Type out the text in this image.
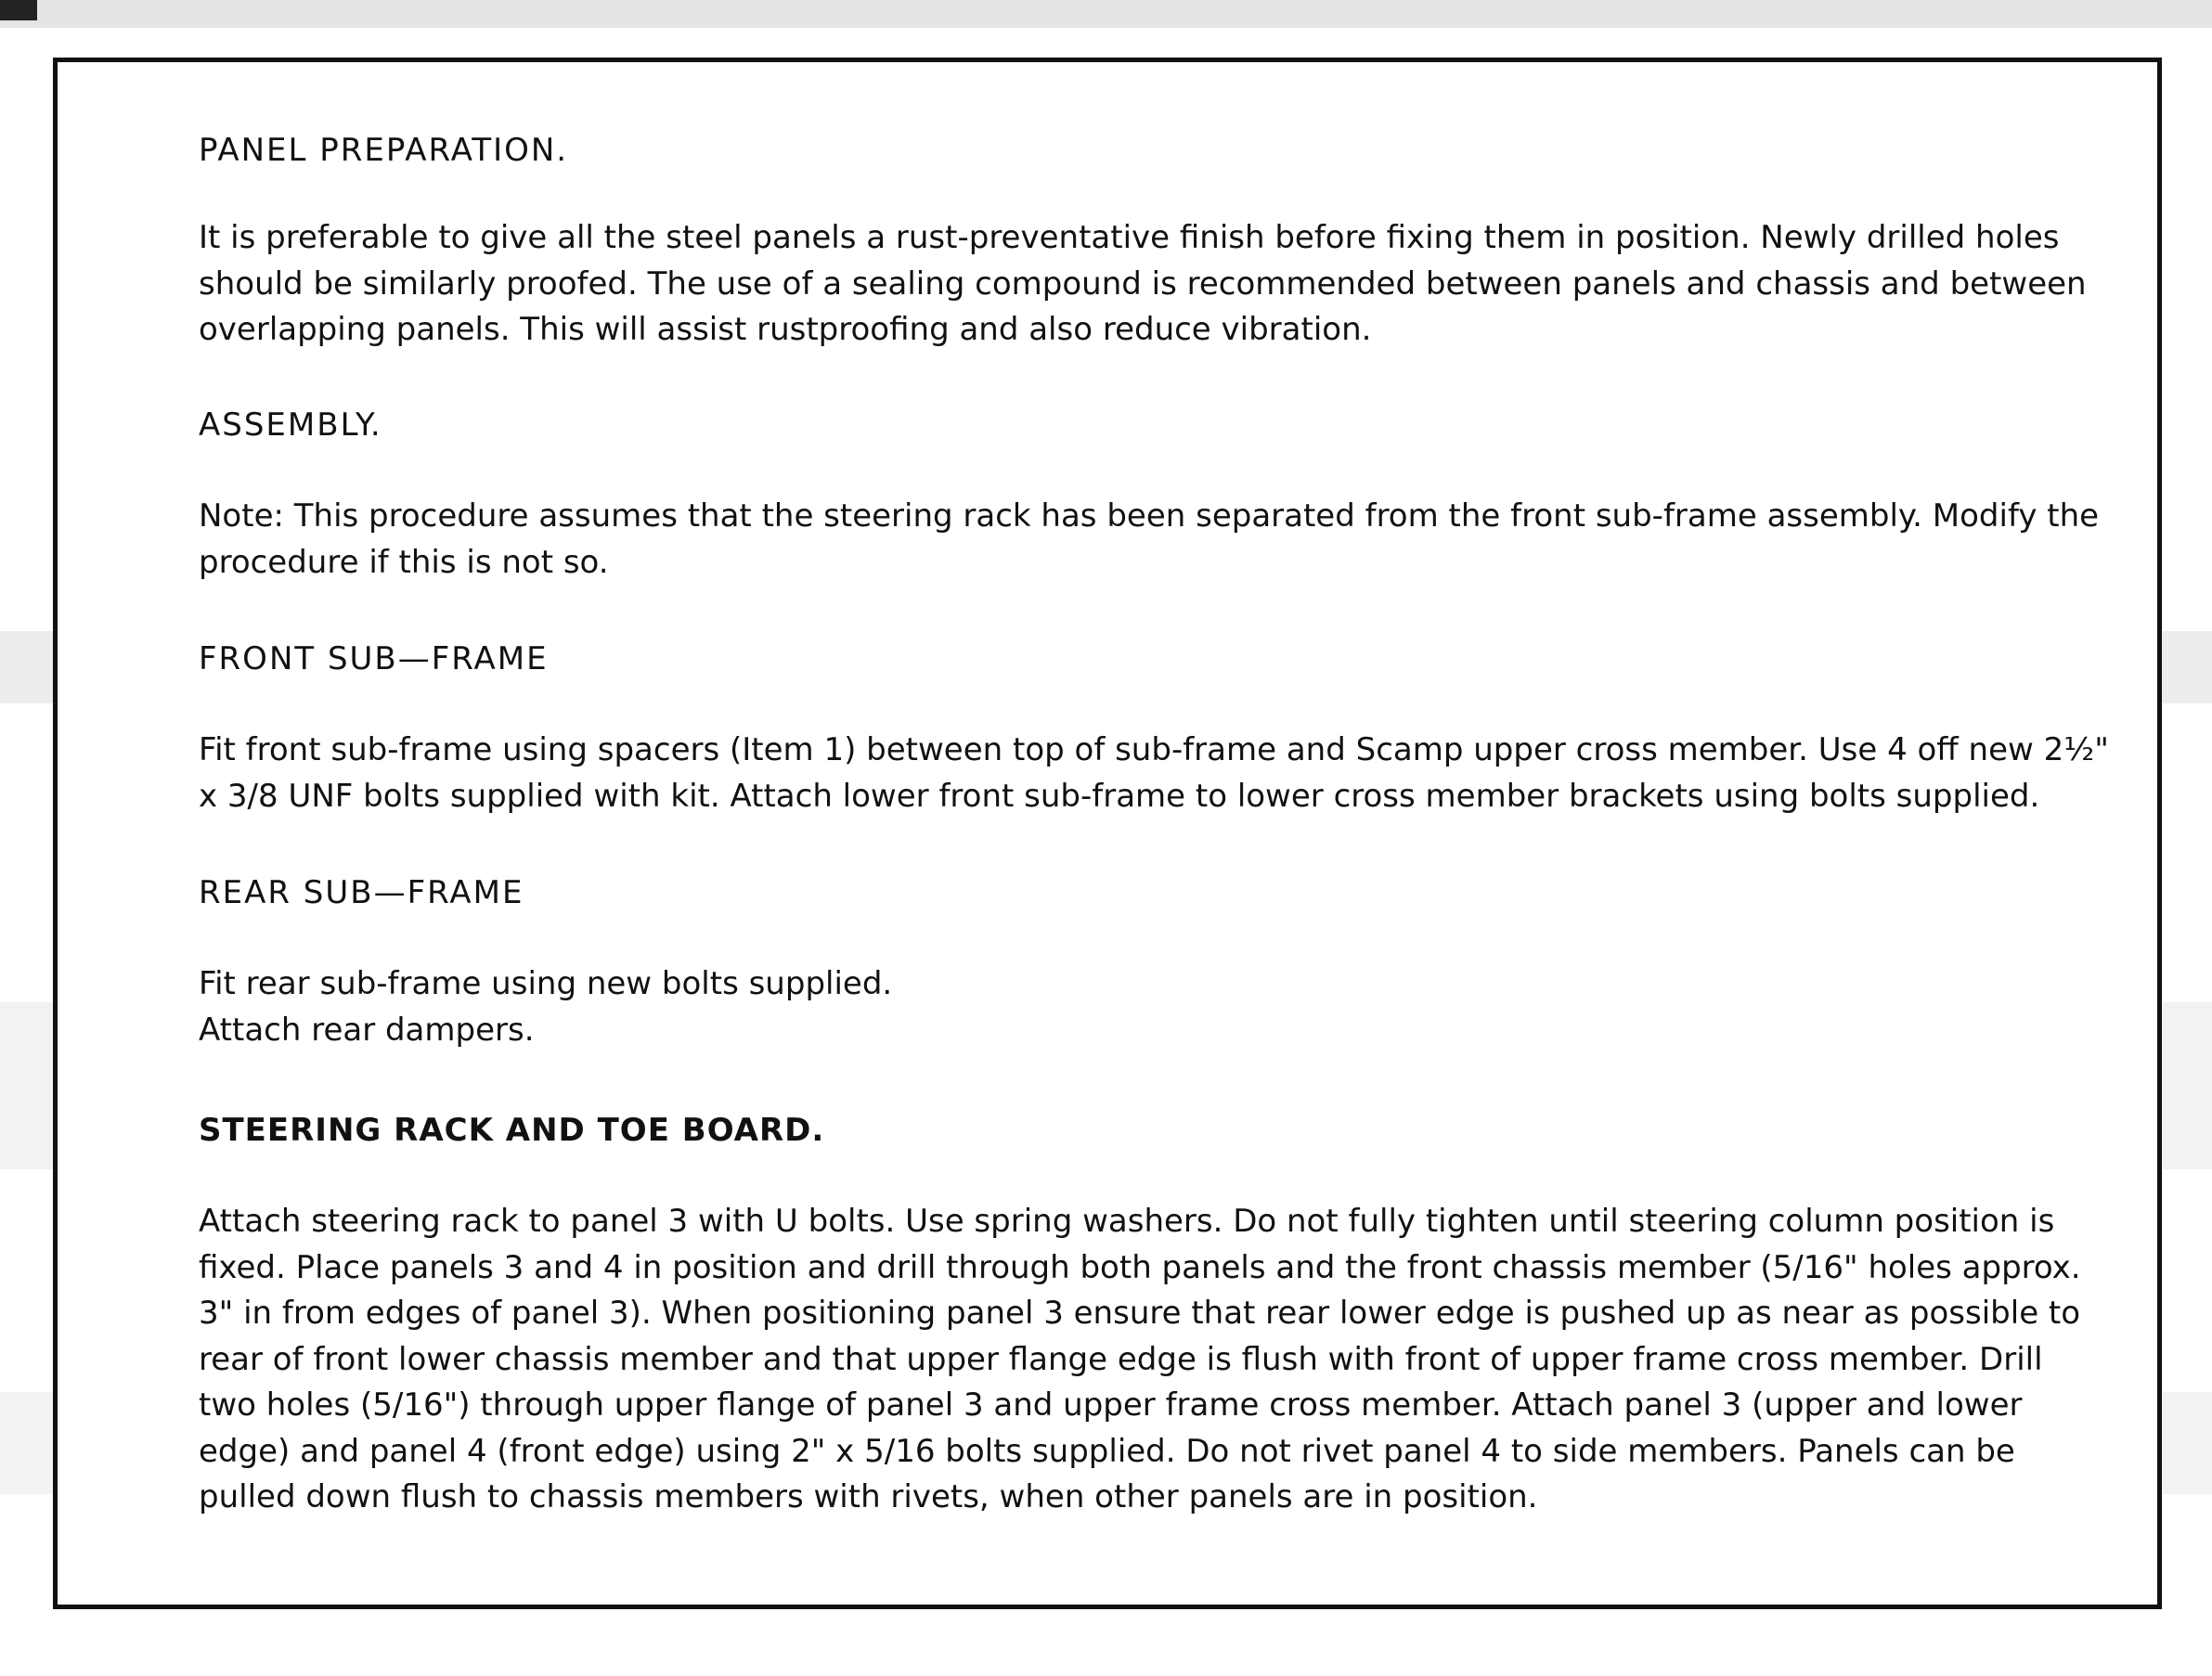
PANEL PREPARATION.

It is preferable to give all the steel panels a rust-preventative finish before fixing them in position. Newly drilled holes
should be similarly proofed. The use of a sealing compound is recommended between panels and chassis and between
overlapping panels. This will assist rustproofing and also reduce vibration.

ASSEMBLY.

Note: This procedure assumes that the steering rack has been separated from the front sub-frame assembly. Modify the
procedure if this is not so.

FRONT SUB—FRAME

Fit front sub-frame using spacers (Item 1) between top of sub-frame and Scamp upper cross member. Use 4 off new 2½"
x 3/8 UNF bolts supplied with kit. Attach lower front sub-frame to lower cross member brackets using bolts supplied.

REAR SUB—FRAME

Fit rear sub-frame using new bolts supplied.
Attach rear dampers.

STEERING RACK AND TOE BOARD.

Attach steering rack to panel 3 with U bolts. Use spring washers. Do not fully tighten until steering column position is
fixed. Place panels 3 and 4 in position and drill through both panels and the front chassis member (5/16" holes approx.
3" in from edges of panel 3). When positioning panel 3 ensure that rear lower edge is pushed up as near as possible to
rear of front lower chassis member and that upper flange edge is flush with front of upper frame cross member. Drill
two holes (5/16") through upper flange of panel 3 and upper frame cross member. Attach panel 3 (upper and lower
edge) and panel 4 (front edge) using 2" x 5/16 bolts supplied. Do not rivet panel 4 to side members. Panels can be
pulled down flush to chassis members with rivets, when other panels are in position.
